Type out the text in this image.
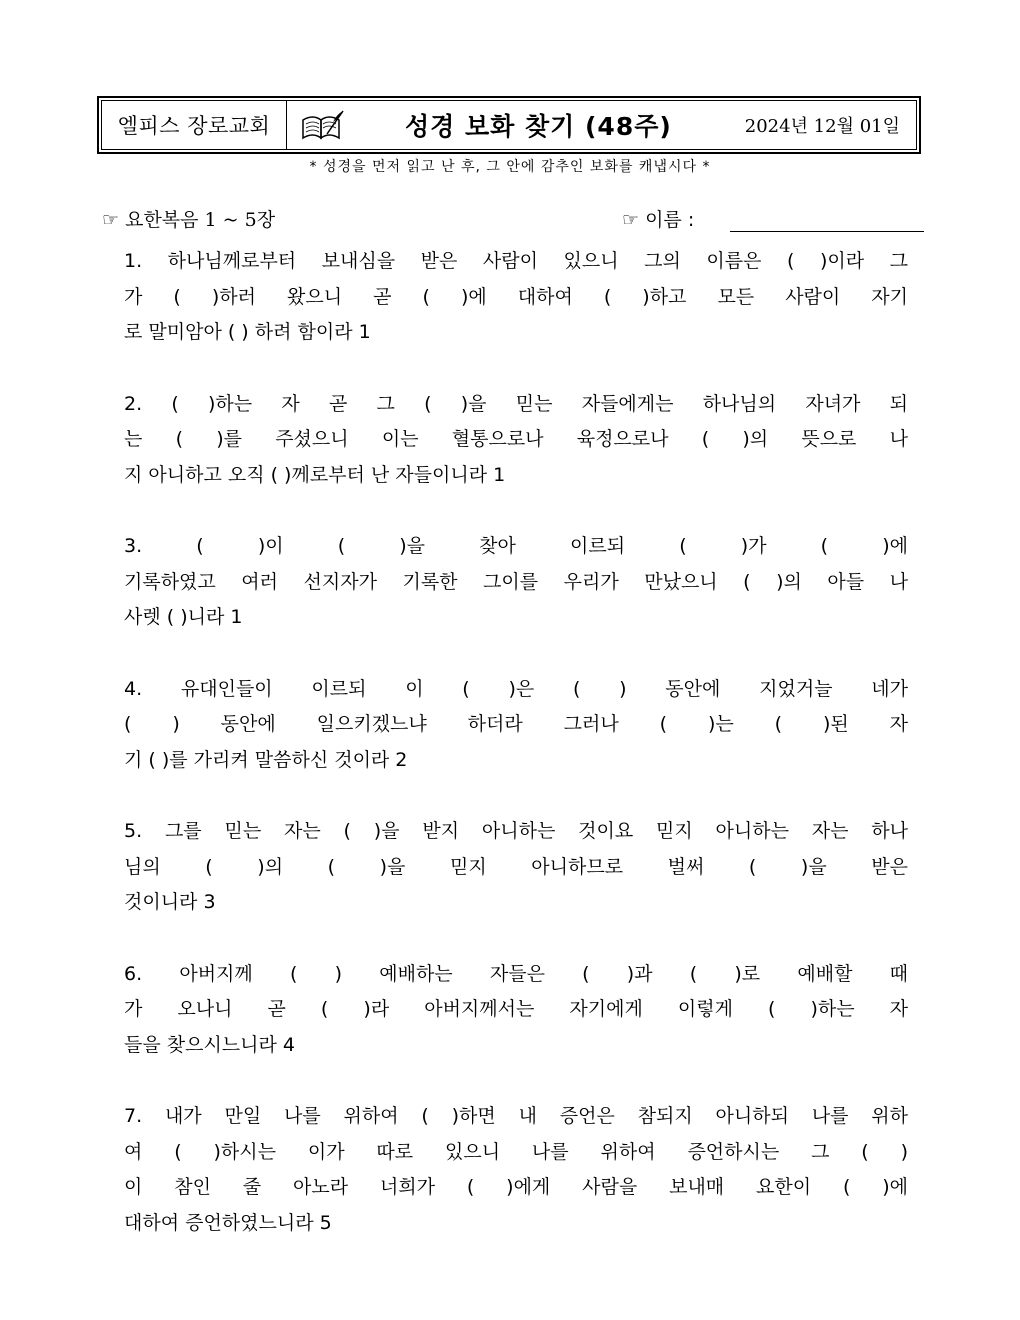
엘피스 장로교회	성경 보화 찾기 (48주)	2024년 12월 01일
* 성경을 먼저 읽고 난 후, 그 안에 감추인 보화를 캐냅시다 *
☞ 요한복음 1 ~ 5장	☞ 이름 :
1. 하나님께로부터 보내심을 받은 사람이 있으니 그의 이름은 ( )이라 그
가 ( )하러 왔으니 곧 ( )에 대하여 ( )하고 모든 사람이 자기
로 말미암아 ( ) 하려 함이라 1
2. ( )하는 자 곧 그 ( )을 믿는 자들에게는 하나님의 자녀가 되
는 ( )를 주셨으니 이는 혈통으로나 육정으로나 ( )의 뜻으로 나
지 아니하고 오직 ( )께로부터 난 자들이니라 1
3. ( )이 ( )을 찾아 이르되 ( )가 ( )에
기록하였고 여러 선지자가 기록한 그이를 우리가 만났으니 ( )의 아들 나
사렛 ( )니라 1
4. 유대인들이 이르되 이 ( )은 ( ) 동안에 지었거늘 네가
( ) 동안에 일으키겠느냐 하더라 그러나 ( )는 ( )된 자
기 ( )를 가리켜 말씀하신 것이라 2
5. 그를 믿는 자는 ( )을 받지 아니하는 것이요 믿지 아니하는 자는 하나
님의 ( )의 ( )을 믿지 아니하므로 벌써 ( )을 받은
것이니라 3
6. 아버지께 ( ) 예배하는 자들은 ( )과 ( )로 예배할 때
가 오나니 곧 ( )라 아버지께서는 자기에게 이렇게 ( )하는 자
들을 찾으시느니라 4
7. 내가 만일 나를 위하여 ( )하면 내 증언은 참되지 아니하되 나를 위하
여 ( )하시는 이가 따로 있으니 나를 위하여 증언하시는 그 ( )
이 참인 줄 아노라 너희가 ( )에게 사람을 보내매 요한이 ( )에
대하여 증언하였느니라 5
